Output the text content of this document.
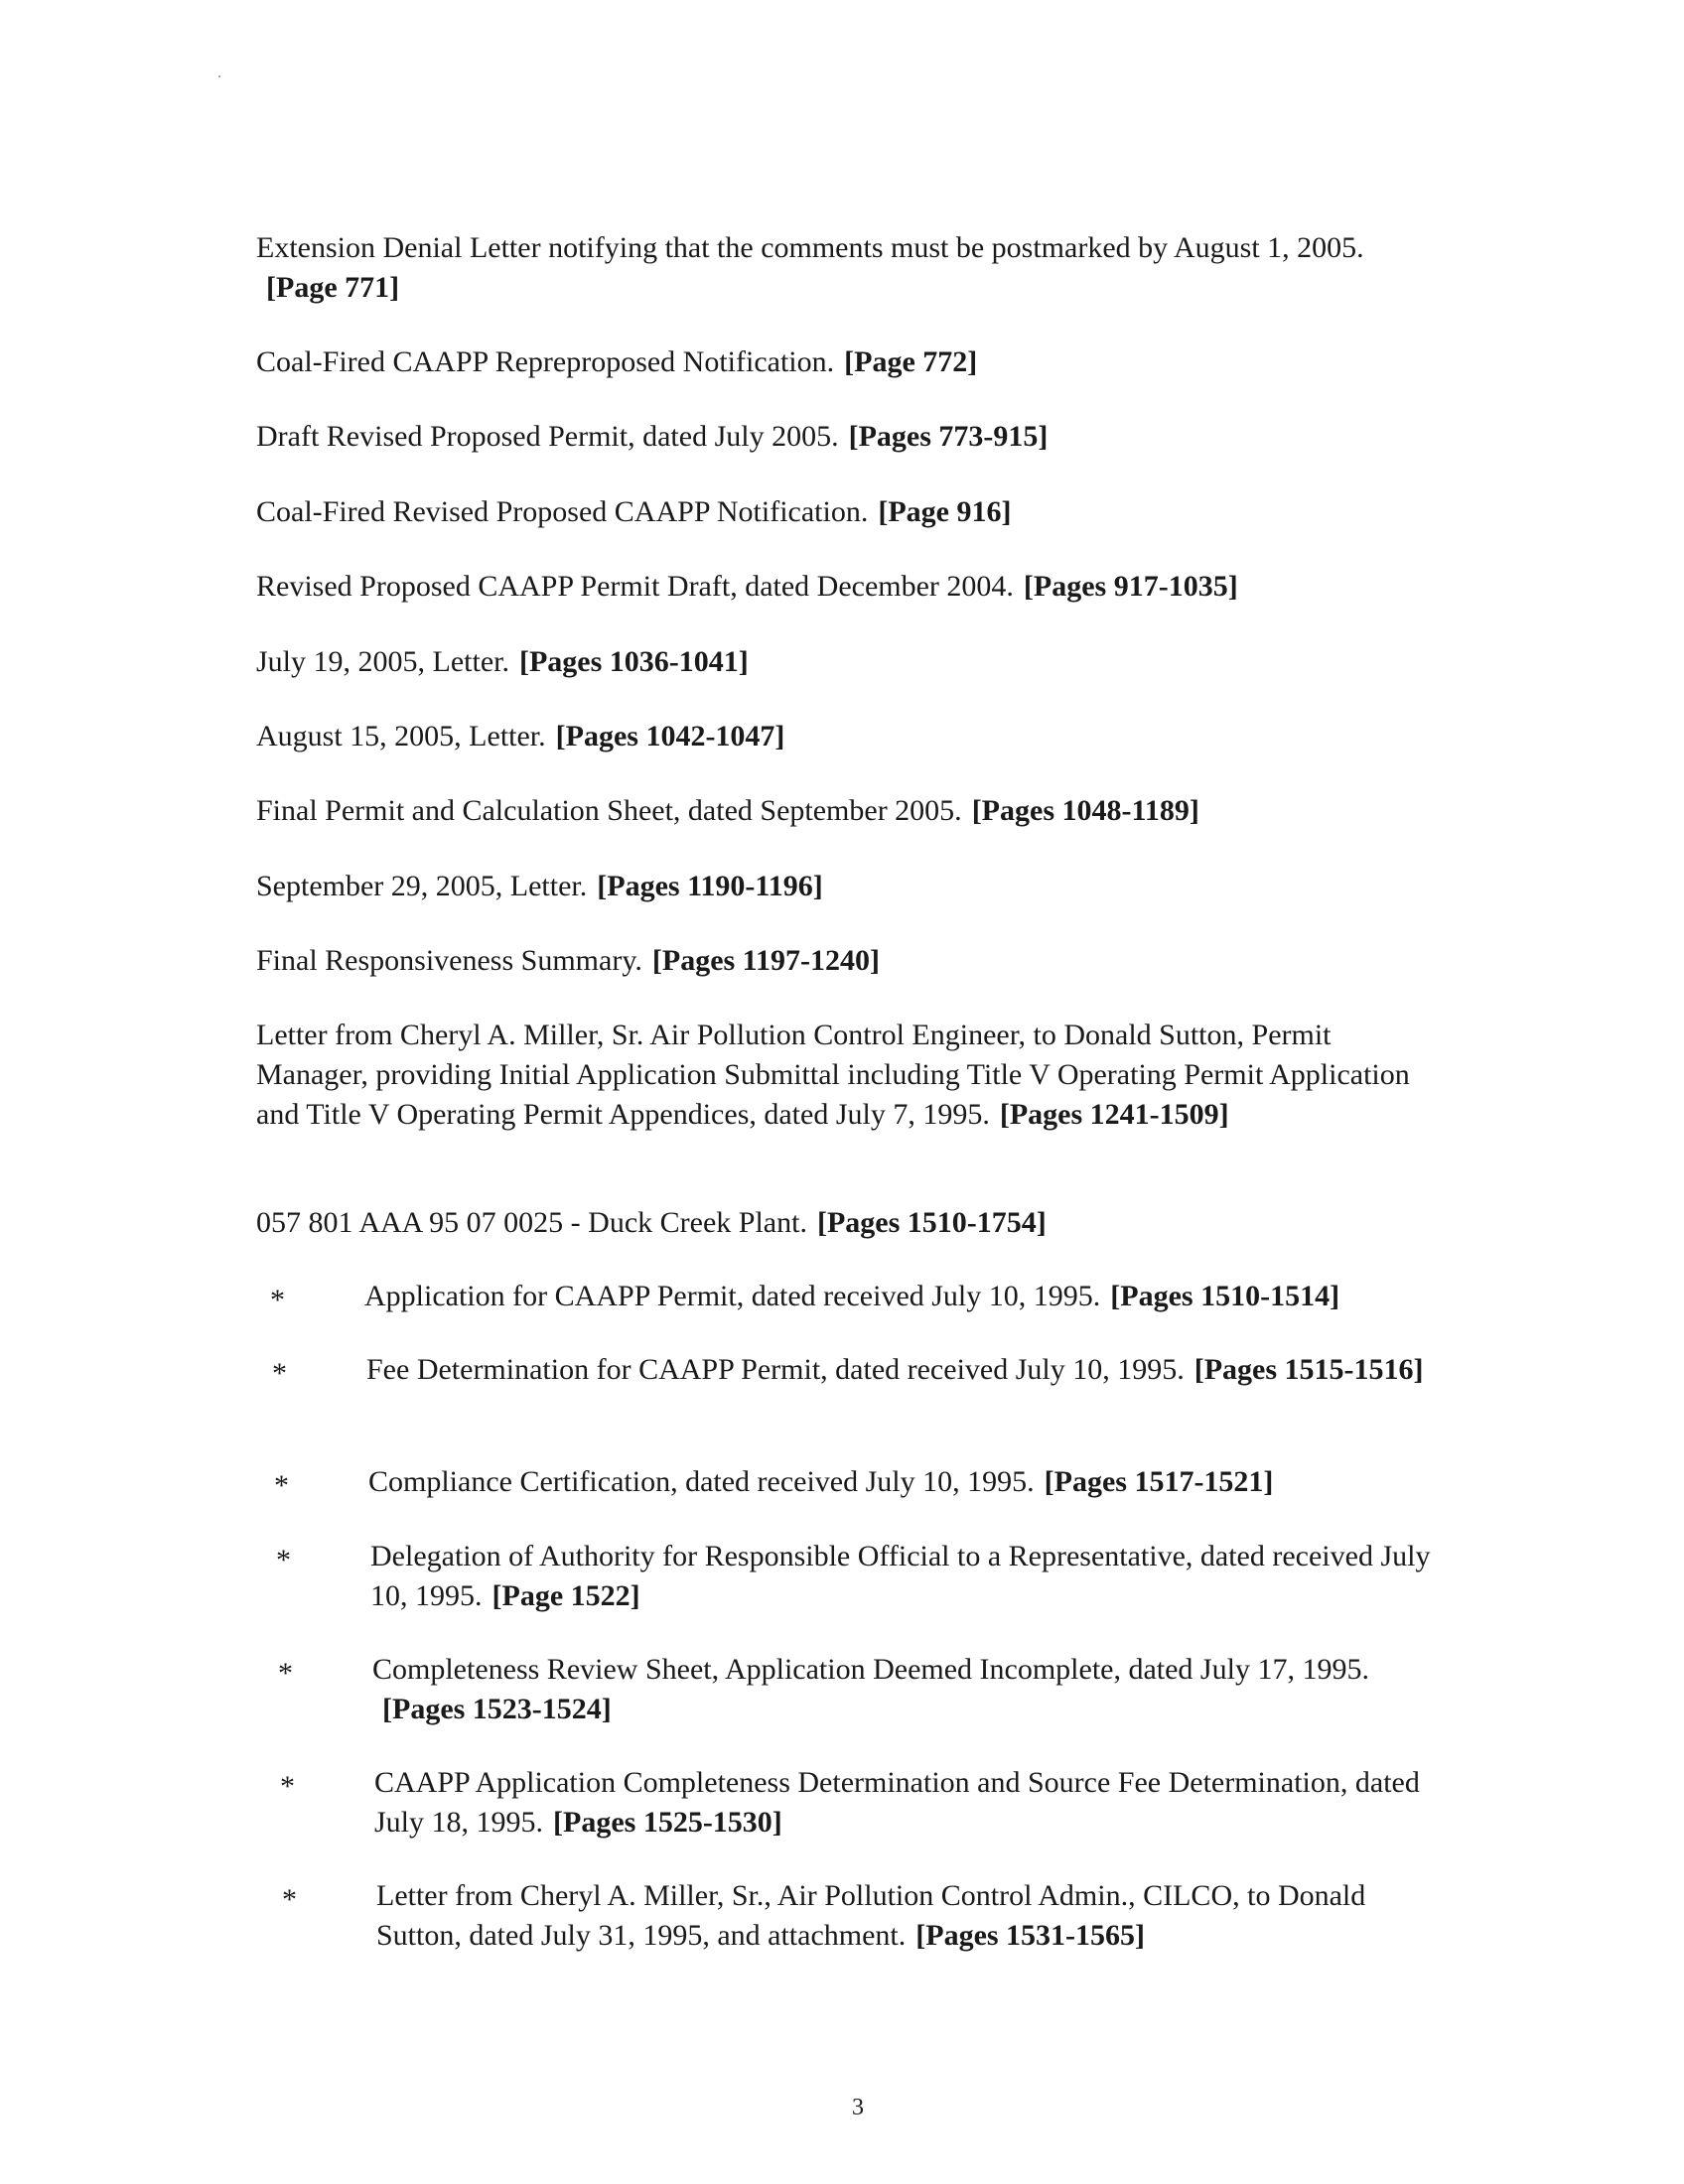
Extension Denial Letter notifying that the comments must be postmarked by August 1, 2005.[Page 771]

Coal-Fired CAAPP Repreproposed Notification. [Page 772]

Draft Revised Proposed Permit, dated July 2005. [Pages 773-915]

Coal-Fired Revised Proposed CAAPP Notification. [Page 916]

Revised Proposed CAAPP Permit Draft, dated December 2004. [Pages 917-1035]

July 19, 2005, Letter. [Pages 1036-1041]

August 15, 2005, Letter. [Pages 1042-1047]

Final Permit and Calculation Sheet, dated September 2005. [Pages 1048-1189]

September 29, 2005, Letter. [Pages 1190-1196]

Final Responsiveness Summary. [Pages 1197-1240]

Letter from Cheryl A. Miller, Sr. Air Pollution Control Engineer, to Donald Sutton, Permit Manager, providing Initial Application Submittal including Title V Operating Permit Application and Title V Operating Permit Appendices, dated July 7, 1995. [Pages 1241-1509]

057 801 AAA 95 07 0025 - Duck Creek Plant. [Pages 1510-1754]

*	Application for CAAPP Permit, dated received July 10, 1995. [Pages 1510-1514]

*	Fee Determination for CAAPP Permit, dated received July 10, 1995. [Pages 1515-1516]

*	Compliance Certification, dated received July 10, 1995. [Pages 1517-1521]

*	Delegation of Authority for Responsible Official to a Representative, dated received July 10, 1995. [Page 1522]

*	Completeness Review Sheet, Application Deemed Incomplete, dated July 17, 1995.[Pages 1523-1524]

*	CAAPP Application Completeness Determination and Source Fee Determination, dated July 18, 1995. [Pages 1525-1530]

*	Letter from Cheryl A. Miller, Sr., Air Pollution Control Admin., CILCO, to Donald Sutton, dated July 31, 1995, and attachment. [Pages 1531-1565]

3
